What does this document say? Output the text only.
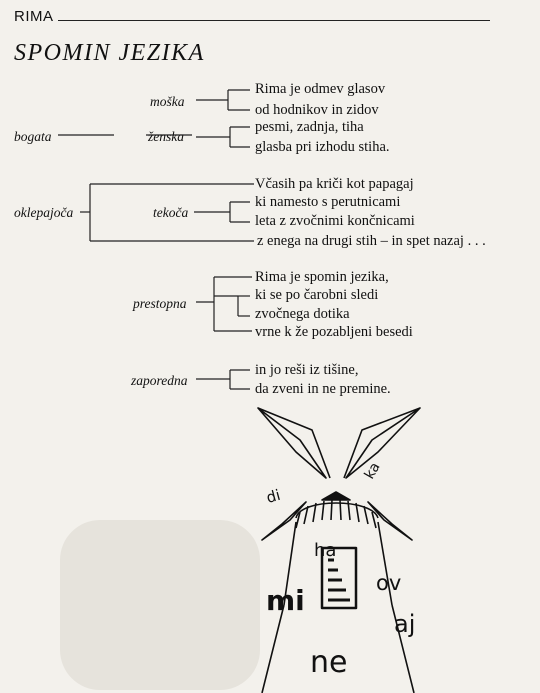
RIMA
SPOMIN JEZIKA
moška
bogata	ženska
oklepajoča	tekoča
prestopna
zaporedna
Rima je odmev glasov
od hodnikov in zidov
pesmi, zadnja, tiha
glasba pri izhodu stiha.
Včasih pa kriči kot papagaj
ki namesto s perutnicami
leta z zvočnimi končnicami
z enega na drugi stih – in spet nazaj . . .
Rima je spomin jezika,
ki se po čarobni sledi
zvočnega dotika
vrne k že pozabljeni besedi
in jo reši iz tišine,
da zveni in ne premine.
di
ka
ha
ov
mi
aj
ne
